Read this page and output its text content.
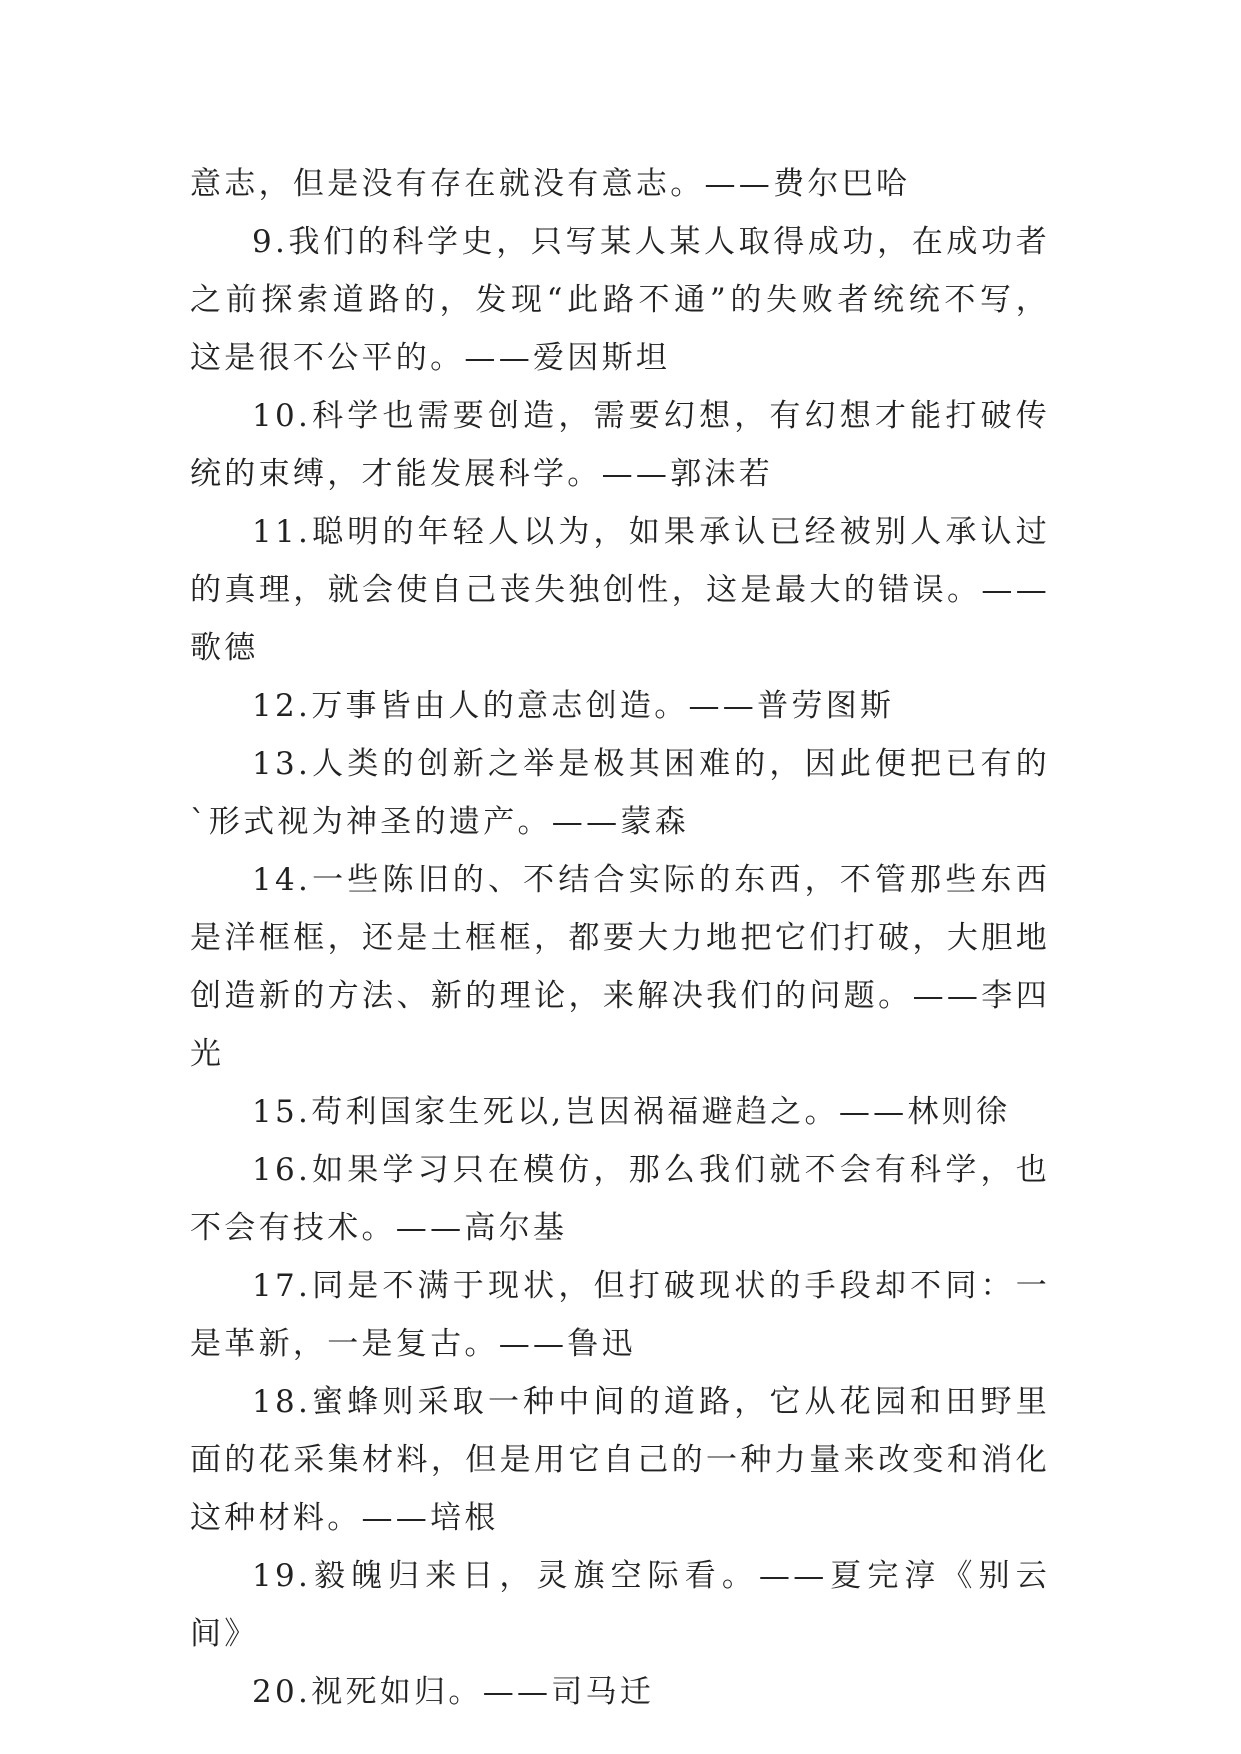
意志，但是没有存在就没有意志。——费尔巴哈

9.我们的科学史，只写某人某人取得成功，在成功者之前探索道路的，发现“此路不通”的失败者统统不写，这是很不公平的。——爱因斯坦

10.科学也需要创造，需要幻想，有幻想才能打破传统的束缚，才能发展科学。——郭沫若

11.聪明的年轻人以为，如果承认已经被别人承认过的真理，就会使自己丧失独创性，这是最大的错误。——歌德

12.万事皆由人的意志创造。——普劳图斯

13.人类的创新之举是极其困难的，因此便把已有的`形式视为神圣的遗产。——蒙森

14.一些陈旧的、不结合实际的东西，不管那些东西是洋框框，还是土框框，都要大力地把它们打破，大胆地创造新的方法、新的理论，来解决我们的问题。——李四光

15.苟利国家生死以,岂因祸福避趋之。——林则徐

16.如果学习只在模仿，那么我们就不会有科学，也不会有技术。——高尔基

17.同是不满于现状，但打破现状的手段却不同：一是革新，一是复古。——鲁迅

18.蜜蜂则采取一种中间的道路，它从花园和田野里面的花采集材料，但是用它自己的一种力量来改变和消化这种材料。——培根

19.毅魄归来日，灵旗空际看。——夏完淳《别云间》

20.视死如归。——司马迁
